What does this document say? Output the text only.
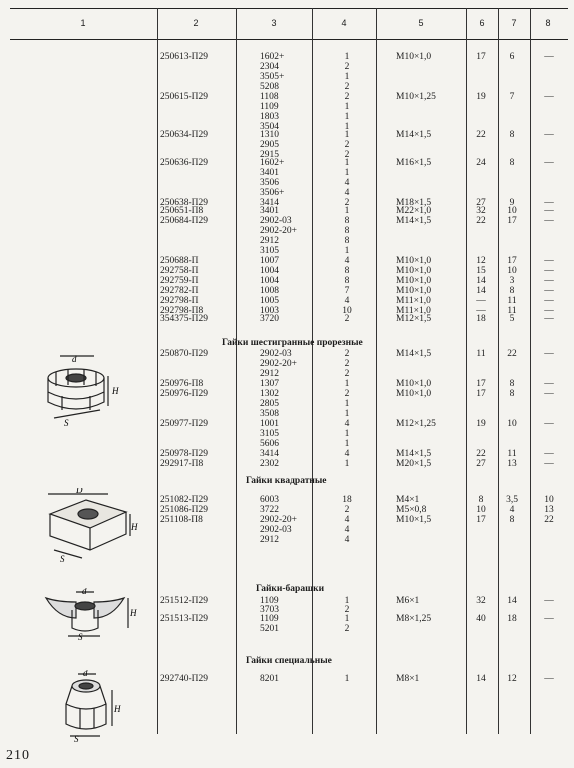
1	2	3	4	5	6	7	8
Гайки шестигранные прорезные
Гайки квадратные
Гайки-барашки
Гайки специальные
250613-П29	1602+	1	M10×1,0	17	6	—
2304	2
3505+	1
5208	2
250615-П29	1108	2	M10×1,25	19	7	—
1109	1
1803	1
3504	1
250634-П29	1310	1	M14×1,5	22	8	—
2905	2
2915	2
250636-П29	1602+	1	M16×1,5	24	8	—
3401	1
3506	4
3506+	4
250638-П29	3414	2	M18×1,5	27	9	—
250651-П8	3401	1	M22×1,0	32	10	—
250684-П29	2902-03	8	M14×1,5	22	17	—
2902-20+	8
2912	8
3105	1
250688-П	1007	4	M10×1,0	12	17	—
292758-П	1004	8	M10×1,0	15	10	—
292759-П	1004	8	M10×1,0	14	3	—
292782-П	1008	7	M10×1,0	14	8	—
292798-П	1005	4	M11×1,0	—	11	—
292798-П8	1003	10	M11×1,0	—	11	—
354375-П29	3720	2	M12×1,5	18	5	—
250870-П29	2902-03	2	M14×1,5	11	22	—
2902-20+	2
2912	2
250976-П8	1307	1	M10×1,0	17	8	—
250976-П29	1302	2	M10×1,0	17	8	—
2805	1
3508	1
250977-П29	1001	4	M12×1,25	19	10	—
3105	1
5606	1
250978-П29	3414	4	M14×1,5	22	11	—
292917-П8	2302	1	M20×1,5	27	13	—
251082-П29	6003	18	M4×1	8	3,5	10
251086-П29	3722	2	M5×0,8	10	4	13
251108-П8	2902-20+	4	M10×1,5	17	8	22
2902-03	4
2912	4
251512-П29	1109	1	M6×1	32	14	—
3703	2
251513-П29	1109	1	M8×1,25	40	18	—
5201	2
292740-П29	8201	1	M8×1	14	12	—
d
H
S
D
H
S
d
H
S
d
H
S
210
